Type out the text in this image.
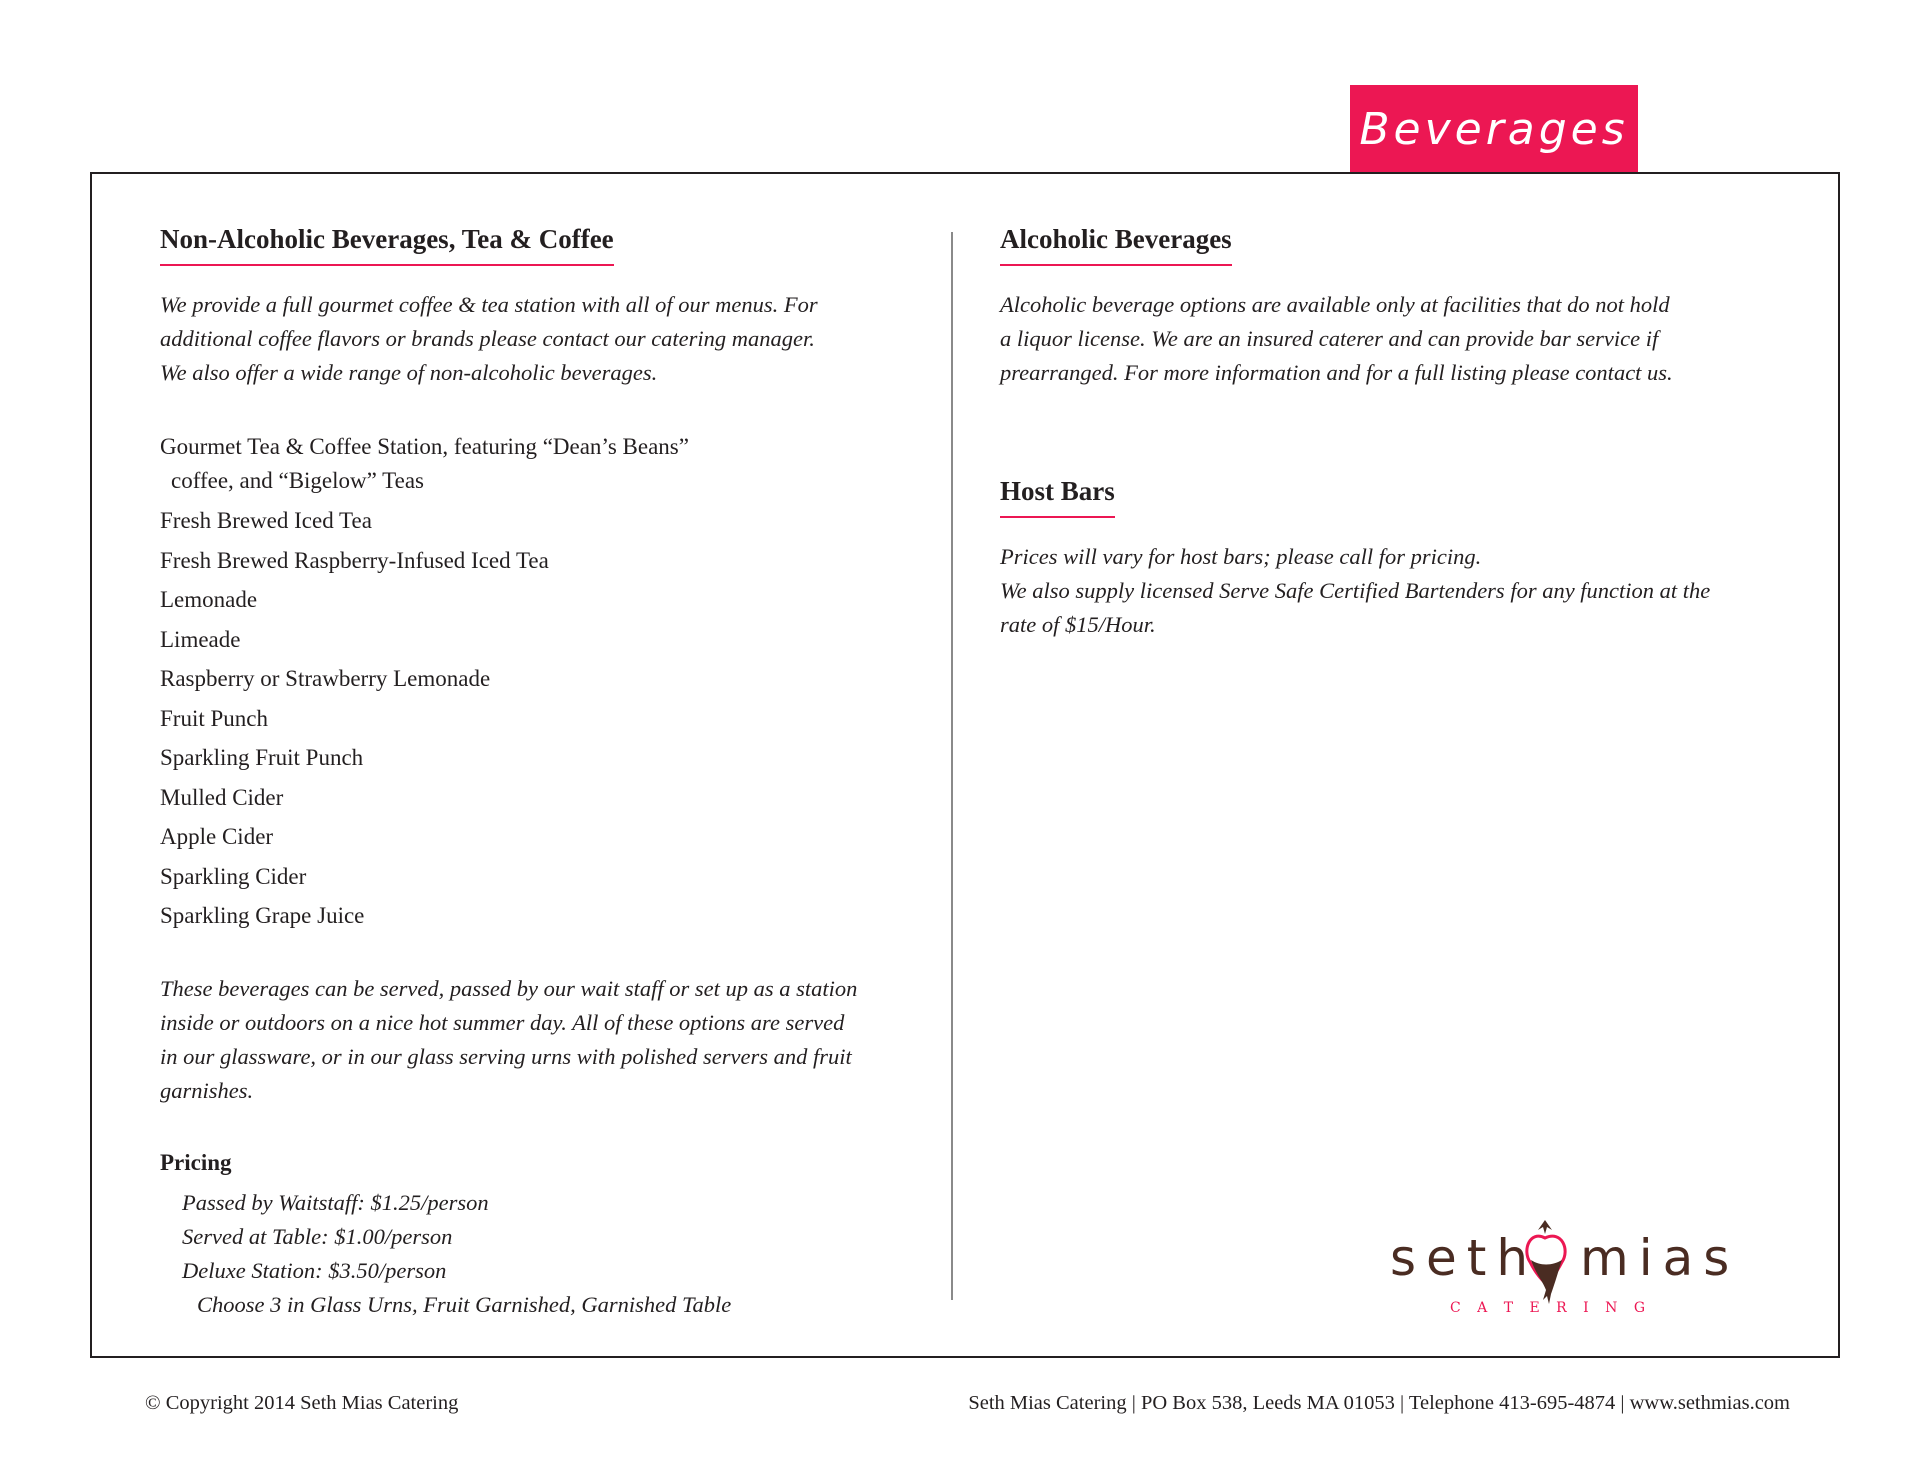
Beverages
Non-Alcoholic Beverages, Tea & Coffee

We provide a full gourmet coffee & tea station with all of our menus. For

additional coffee flavors or brands please contact our catering manager.

We also offer a wide range of non-alcoholic beverages.

Gourmet Tea & Coffee Station, featuring “Dean’s Beans”
coffee, and “Bigelow” Teas
Fresh Brewed Iced Tea
Fresh Brewed Raspberry-Infused Iced Tea
Lemonade
Limeade
Raspberry or Strawberry Lemonade
Fruit Punch
Sparkling Fruit Punch
Mulled Cider
Apple Cider
Sparkling Cider
Sparkling Grape Juice

These beverages can be served, passed by our wait staff or set up as a station

inside or outdoors on a nice hot summer day. All of these options are served

in our glassware, or in our glass serving urns with polished servers and fruit

garnishes.

Pricing
Passed by Waitstaff: $1.25/person
Served at Table: $1.00/person
Deluxe Station: $3.50/person
Choose 3 in Glass Urns, Fruit Garnished, Garnished Table
Alcoholic Beverages

Alcoholic beverage options are available only at facilities that do not hold

a liquor license. We are an insured caterer and can provide bar service if

prearranged. For more information and for a full listing please contact us.

Host Bars

Prices will vary for host bars; please call for pricing.

We also supply licensed Serve Safe Certified Bartenders for any function at the

rate of $15/Hour.

seth mias
C A T E R I N G
© Copyright 2014 Seth Mias Catering	Seth Mias Catering | PO Box 538, Leeds MA 01053 | Telephone 413-695-4874 | www.sethmias.com
